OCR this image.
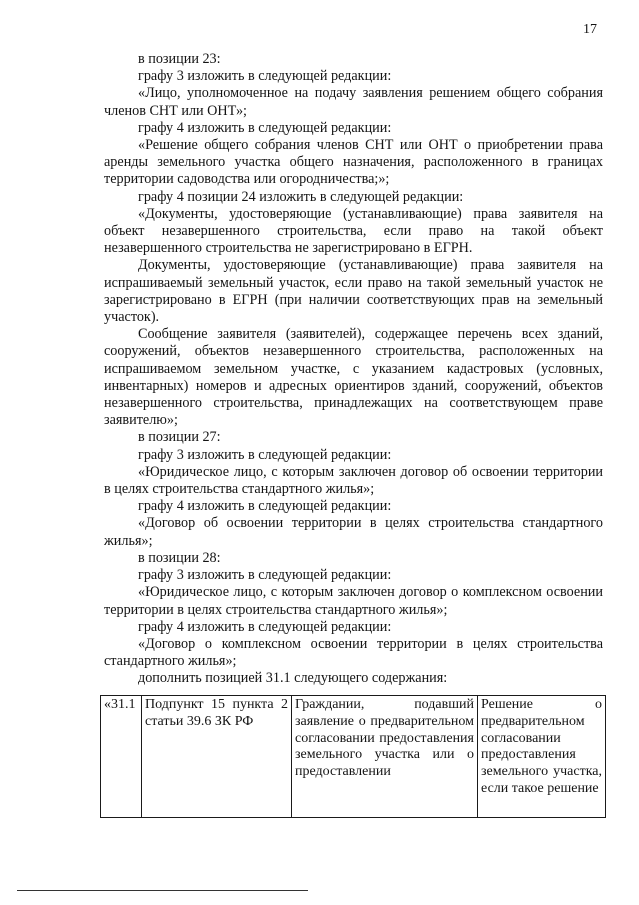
17

в позиции 23:

графу 3 изложить в следующей редакции:

«Лицо, уполномоченное на подачу заявления решением общего собрания членов СНТ или ОНТ»;

графу 4 изложить в следующей редакции:

«Решение общего собрания членов СНТ или ОНТ о приобретении права аренды земельного участка общего назначения, расположенного в границах территории садоводства или огородничества;»;

графу 4 позиции 24 изложить в следующей редакции:

«Документы, удостоверяющие (устанавливающие) права заявителя на объект незавершенного строительства, если право на такой объект незавершенного строительства не зарегистрировано в ЕГРН.

Документы, удостоверяющие (устанавливающие) права заявителя на испрашиваемый земельный участок, если право на такой земельный участок не зарегистрировано в ЕГРН (при наличии соответствующих прав на земельный участок).

Сообщение заявителя (заявителей), содержащее перечень всех зданий, сооружений, объектов незавершенного строительства, расположенных на испрашиваемом земельном участке, с указанием кадастровых (условных, инвентарных) номеров и адресных ориентиров зданий, сооружений, объектов незавершенного строительства, принадлежащих на соответствующем праве заявителю»;

в позиции 27:

графу 3 изложить в следующей редакции:

«Юридическое лицо, с которым заключен договор об освоении территории в целях строительства стандартного жилья»;

графу 4 изложить в следующей редакции:

«Договор об освоении территории в целях строительства стандартного жилья»;

в позиции 28:

графу 3 изложить в следующей редакции:

«Юридическое лицо, с которым заключен договор о комплексном освоении территории в целях строительства стандартного жилья»;

графу 4 изложить в следующей редакции:

«Договор о комплексном освоении территории в целях строительства стандартного жилья»;

дополнить позицией 31.1 следующего содержания:

«31.1	Подпункт 15 пункта 2 статьи 39.6 ЗК РФ	Граждании, подавший заявление о предварительном согласовании предоставления земельного участка или о предоставлении	Решение о предварительном согласовании предоставления земельного участка, если такое решение
